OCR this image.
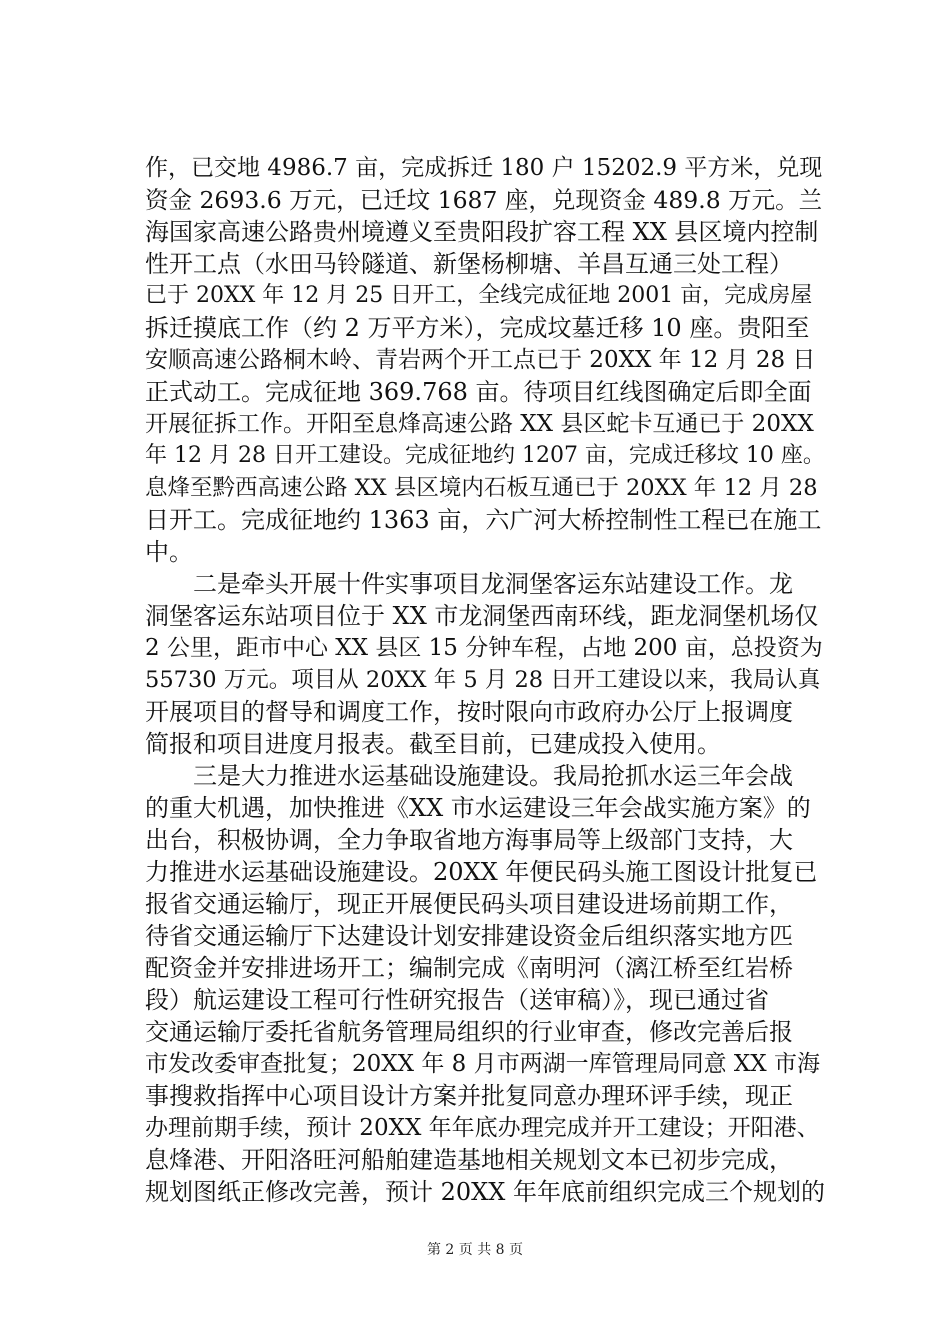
作，已交地 4986.7 亩，完成拆迁 180 户 15202.9 平方米，兑现
资金 2693.6 万元，已迁坟 1687 座，兑现资金 489.8 万元。兰
海国家高速公路贵州境遵义至贵阳段扩容工程 XX 县区境内控制
性开工点（水田马铃隧道、新堡杨柳塘、羊昌互通三处工程）
已于 20XX 年 12 月 25 日开工，全线完成征地 2001 亩，完成房屋
拆迁摸底工作（约 2 万平方米），完成坟墓迁移 10 座。贵阳至
安顺高速公路桐木岭、青岩两个开工点已于 20XX 年 12 月 28 日
正式动工。完成征地 369.768 亩。待项目红线图确定后即全面
开展征拆工作。开阳至息烽高速公路 XX 县区蛇卡互通已于 20XX
年 12 月 28 日开工建设。完成征地约 1207 亩，完成迁移坟 10 座。
息烽至黔西高速公路 XX 县区境内石板互通已于 20XX 年 12 月 28
日开工。完成征地约 1363 亩，六广河大桥控制性工程已在施工
中。
　　二是牵头开展十件实事项目龙洞堡客运东站建设工作。龙
洞堡客运东站项目位于 XX 市龙洞堡西南环线，距龙洞堡机场仅
2 公里，距市中心 XX 县区 15 分钟车程，占地 200 亩，总投资为
55730 万元。项目从 20XX 年 5 月 28 日开工建设以来，我局认真
开展项目的督导和调度工作，按时限向市政府办公厅上报调度
简报和项目进度月报表。截至目前，已建成投入使用。
　　三是大力推进水运基础设施建设。我局抢抓水运三年会战
的重大机遇，加快推进《XX 市水运建设三年会战实施方案》的
出台，积极协调，全力争取省地方海事局等上级部门支持，大
力推进水运基础设施建设。20XX 年便民码头施工图设计批复已
报省交通运输厅，现正开展便民码头项目建设进场前期工作，
待省交通运输厅下达建设计划安排建设资金后组织落实地方匹
配资金并安排进场开工；编制完成《南明河（漓江桥至红岩桥
段）航运建设工程可行性研究报告（送审稿）》，现已通过省
交通运输厅委托省航务管理局组织的行业审查，修改完善后报
市发改委审查批复；20XX 年 8 月市两湖一库管理局同意 XX 市海
事搜救指挥中心项目设计方案并批复同意办理环评手续，现正
办理前期手续，预计 20XX 年年底办理完成并开工建设；开阳港、
息烽港、开阳洛旺河船舶建造基地相关规划文本已初步完成，
规划图纸正修改完善，预计 20XX 年年底前组织完成三个规划的
第 2 页 共 8 页
